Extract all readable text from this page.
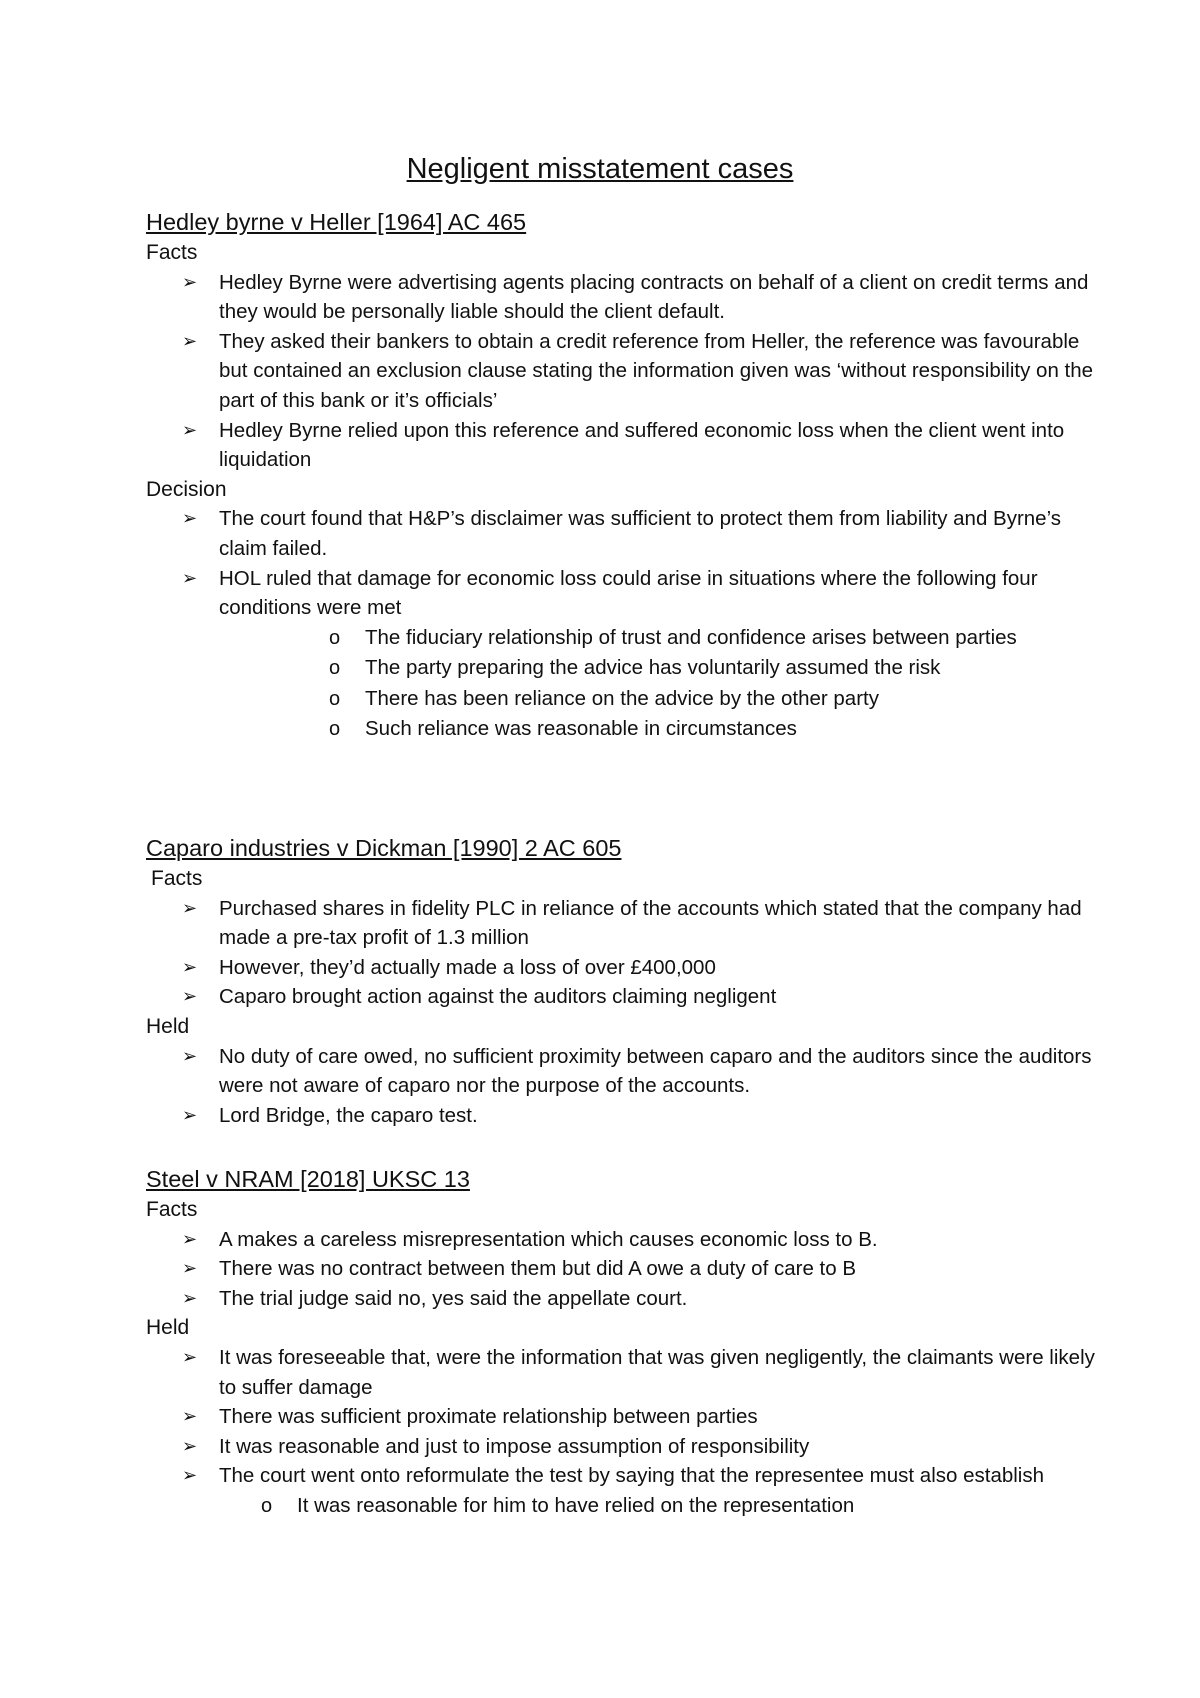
Negligent misstatement cases
Hedley byrne v Heller [1964] AC 465
Facts
➢ Hedley Byrne were advertising agents placing contracts on behalf of a client on credit terms and they would be personally liable should the client default.
➢ They asked their bankers to obtain a credit reference from Heller, the reference was favourable but contained an exclusion clause stating the information given was ‘without responsibility on the part of this bank or it’s officials’
➢ Hedley Byrne relied upon this reference and suffered economic loss when the client went into liquidation
Decision
➢ The court found that H&P’s disclaimer was sufficient to protect them from liability and Byrne’s claim failed.
➢ HOL ruled that damage for economic loss could arise in situations where the following four conditions were met
o The fiduciary relationship of trust and confidence arises between parties
o The party preparing the advice has voluntarily assumed the risk
o There has been reliance on the advice by the other party
o Such reliance was reasonable in circumstances
Caparo industries v Dickman [1990] 2 AC 605
Facts
➢ Purchased shares in fidelity PLC in reliance of the accounts which stated that the company had made a pre-tax profit of 1.3 million
➢ However, they’d actually made a loss of over £400,000
➢ Caparo brought action against the auditors claiming negligent
Held
➢ No duty of care owed, no sufficient proximity between caparo and the auditors since the auditors were not aware of caparo nor the purpose of the accounts.
➢ Lord Bridge, the caparo test.
Steel v NRAM [2018] UKSC 13
Facts
➢ A makes a careless misrepresentation which causes economic loss to B.
➢ There was no contract between them but did A owe a duty of care to B
➢ The trial judge said no, yes said the appellate court.
Held
➢ It was foreseeable that, were the information that was given negligently, the claimants were likely to suffer damage
➢ There was sufficient proximate relationship between parties
➢ It was reasonable and just to impose assumption of responsibility
➢ The court went onto reformulate the test by saying that the representee must also establish
o It was reasonable for him to have relied on the representation
